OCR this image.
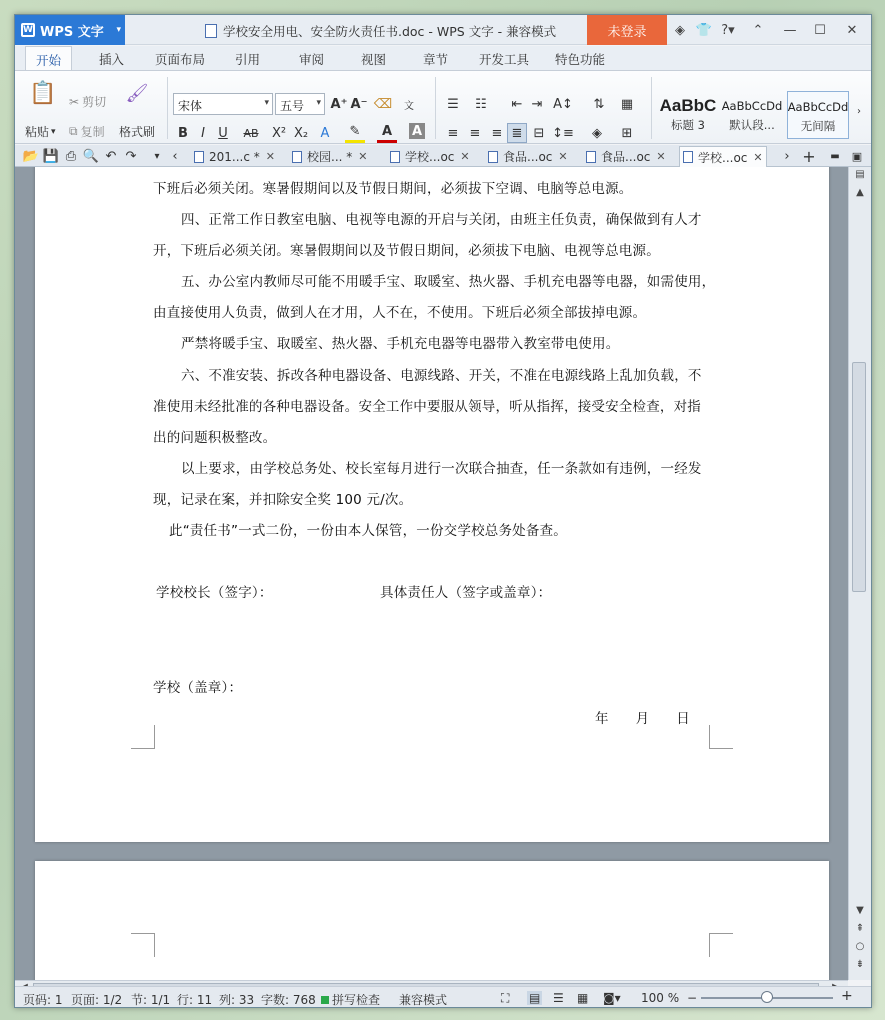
W WPS 文字 ▾	学校安全用电、安全防火责任书.doc - WPS 文字 - 兼容模式	未登录	◈ 👕 ?▾ ⌃ — ☐ ✕
开始	插入 页面布局 引用	审阅	视图	章节 开发工具 特色功能
📋
粘贴 ▾
✂ 剪切
⧉ 复制
🖌
格式刷
宋体	▾ 五号 ▾ A⁺ A⁻ ⌫	文
B	I	U	AB	X² X₂ A	✎	A	A
☰	☷	⇤ ⇥ A↕	⇅	▦
≡ ≡ ≡ ≣ ⊟ ↕≡	◈	⊞
AaBbC
标题 3
AaBbCcDd
默认段...
AaBbCcDd
无间隔
›
📂 💾 ⎙ 🔍 ↶ ↷	▾ ‹	201...c * ✕	校园... * ✕	学校...oc ✕	食品...oc ✕	食品...oc ✕	学校...oc ✕	› +	▬	▣
下班后必须关闭。寒暑假期间以及节假日期间，必须拔下空调、电脑等总电源。
四、正常工作日教室电脑、电视等电源的开启与关闭，由班主任负责，确保做到有人才
开，下班后必须关闭。寒暑假期间以及节假日期间，必须拔下电脑、电视等总电源。
五、办公室内教师尽可能不用暖手宝、取暖室、热火器、手机充电器等电器，如需使用，
由直接使用人负责，做到人在才用，人不在，不使用。下班后必须全部拔掉电源。
严禁将暖手宝、取暖室、热火器、手机充电器等电器带入教室带电使用。
六、不准安装、拆改各种电器设备、电源线路、开关，不准在电源线路上乱加负载，不
准使用未经批准的各种电器设备。安全工作中要服从领导，听从指挥，接受安全检查，对指
出的问题积极整改。
以上要求，由学校总务处、校长室每月进行一次联合抽查，任一条款如有违例，一经发
现，记录在案，并扣除安全奖 100 元/次。
此“责任书”一式二份，一份由本人保管，一份交学校总务处备查。
学校校长（签字）：	具体责任人（签字或盖章）：
学校（盖章）：
年      月      日
▤
▲
▼
⇞
○
⇟
页码: 1 页面: 1/2 节: 1/1 行: 11 列: 33 字数: 768	拼写检查 兼容模式	⛶ ▤ ☰ ▦ ◙▾ 100 % −	+
